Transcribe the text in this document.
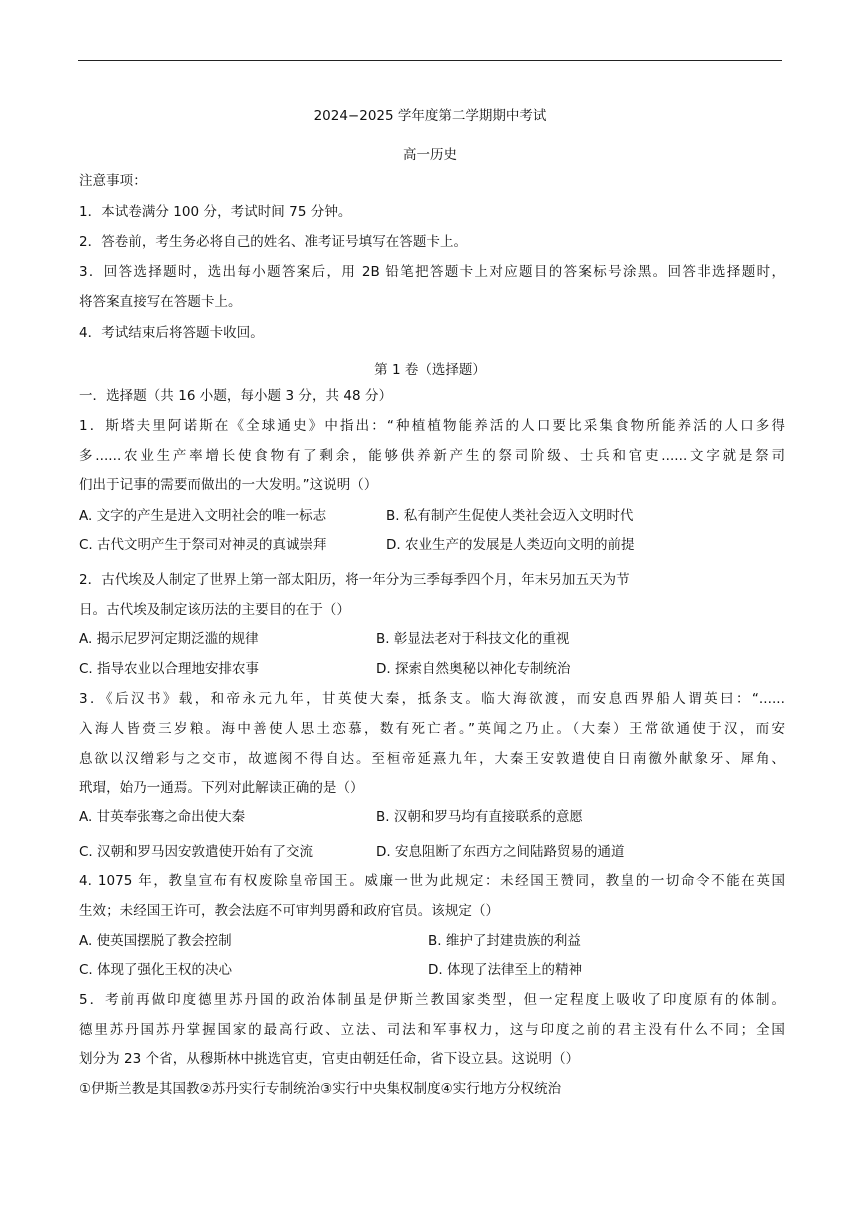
2024−2025 学年度第二学期期中考试
高一历史
注意事项：
1．本试卷满分 100 分，考试时间 75 分钟。
2．答卷前，考生务必将自己的姓名、准考证号填写在答题卡上。
3．回答选择题时，选出每小题答案后，用 2B 铅笔把答题卡上对应题目的答案标号涂黑。回答非选择题时，
将答案直接写在答题卡上。
4．考试结束后将答题卡收回。
第 1 卷（选择题）
一．选择题（共 16 小题，每小题 3 分，共 48 分）
1．斯塔夫里阿诺斯在《全球通史》中指出：“种植植物能养活的人口要比采集食物所能养活的人口多得
多......农业生产率增长使食物有了剩余，能够供养新产生的祭司阶级、士兵和官吏......文字就是祭司
们出于记事的需要而做出的一大发明。”这说明（）
A. 文字的产生是进入文明社会的唯一标志	B. 私有制产生促使人类社会迈入文明时代
C. 古代文明产生于祭司对神灵的真诚崇拜	D. 农业生产的发展是人类迈向文明的前提
2．古代埃及人制定了世界上第一部太阳历，将一年分为三季每季四个月，年末另加五天为节
日。古代埃及制定该历法的主要目的在于（）
A. 揭示尼罗河定期泛滥的规律	B. 彰显法老对于科技文化的重视
C. 指导农业以合理地安排农事	D. 探索自然奥秘以神化专制统治
3．《后汉书》载，和帝永元九年，甘英使大秦，抵条支。临大海欲渡，而安息西界船人谓英曰：“......
入海人皆赍三岁粮。海中善使人思土恋慕，数有死亡者。”英闻之乃止。（大秦）王常欲通使于汉，而安
息欲以汉缯彩与之交市，故遮阂不得自达。至桓帝延熹九年，大秦王安敦遣使自日南徼外献象牙、犀角、
玳瑁，始乃一通焉。下列对此解读正确的是（）
A. 甘英奉张骞之命出使大秦	B. 汉朝和罗马均有直接联系的意愿
C. 汉朝和罗马因安敦遣使开始有了交流	D. 安息阻断了东西方之间陆路贸易的通道
4. 1075 年，教皇宣布有权废除皇帝国王。威廉一世为此规定：未经国王赞同，教皇的一切命令不能在英国
生效；未经国王许可，教会法庭不可审判男爵和政府官员。该规定（）
A. 使英国摆脱了教会控制	B. 维护了封建贵族的利益
C. 体现了强化王权的决心	D. 体现了法律至上的精神
5．考前再做印度德里苏丹国的政治体制虽是伊斯兰教国家类型，但一定程度上吸收了印度原有的体制。
德里苏丹国苏丹掌握国家的最高行政、立法、司法和军事权力，这与印度之前的君主没有什么不同；全国
划分为 23 个省，从穆斯林中挑选官吏，官吏由朝廷任命，省下设立县。这说明（）
①伊斯兰教是其国教②苏丹实行专制统治③实行中央集权制度④实行地方分权统治
